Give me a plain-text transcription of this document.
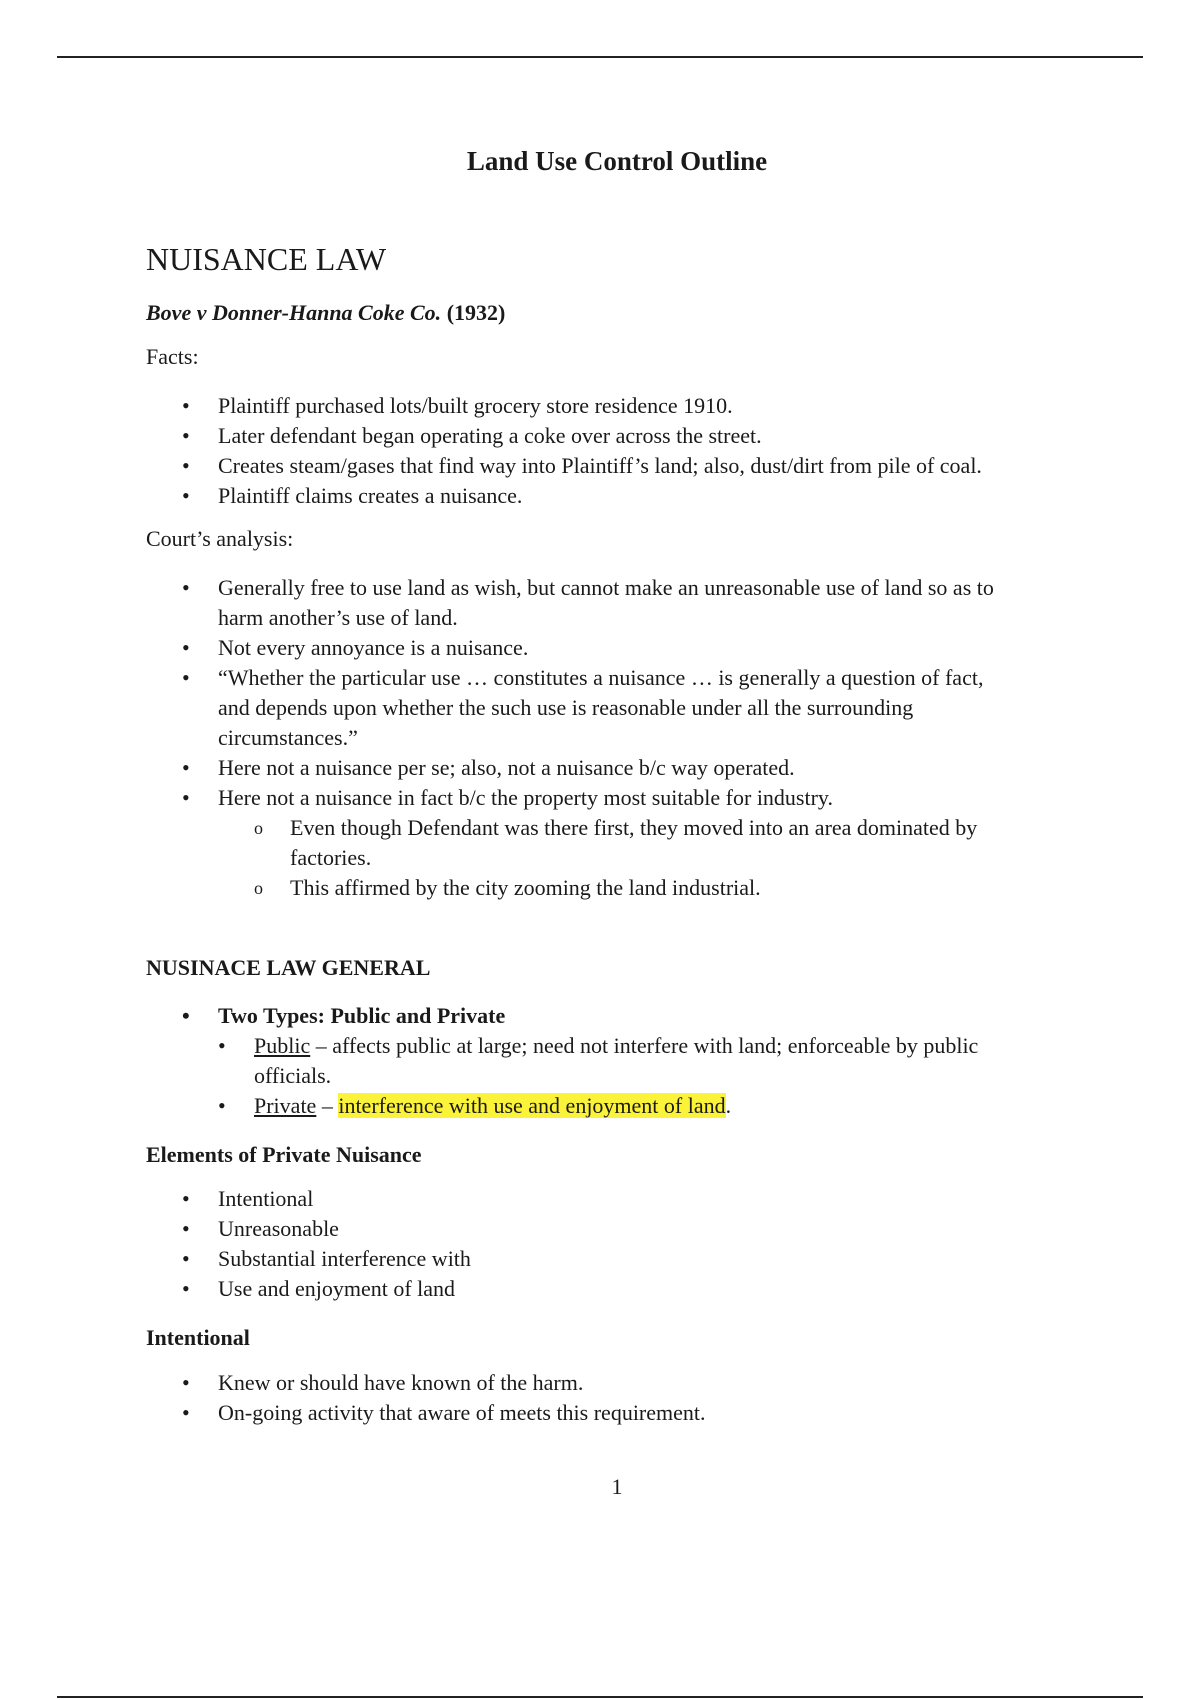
Land Use Control Outline
NUISANCE LAW

Bove v Donner-Hanna Coke Co. (1932)

Facts:

• Plaintiff purchased lots/built grocery store residence 1910.
• Later defendant began operating a coke over across the street.
• Creates steam/gases that find way into Plaintiff’s land; also, dust/dirt from pile of coal.
• Plaintiff claims creates a nuisance.

Court’s analysis:

• Generally free to use land as wish, but cannot make an unreasonable use of land so as to harm another’s use of land.
• Not every annoyance is a nuisance.
• “Whether the particular use … constitutes a nuisance … is generally a question of fact, and depends upon whether the such use is reasonable under all the surrounding circumstances.”
• Here not a nuisance per se; also, not a nuisance b/c way operated.
• Here not a nuisance in fact b/c the property most suitable for industry.
o Even though Defendant was there first, they moved into an area dominated by factories.
o This affirmed by the city zooming the land industrial.

NUSINACE LAW GENERAL

• Two Types: Public and Private
• Public – affects public at large; need not interfere with land; enforceable by public officials.
• Private – interference with use and enjoyment of land.

Elements of Private Nuisance

• Intentional
• Unreasonable
• Substantial interference with
• Use and enjoyment of land

Intentional

• Knew or should have known of the harm.
• On-going activity that aware of meets this requirement.

1
